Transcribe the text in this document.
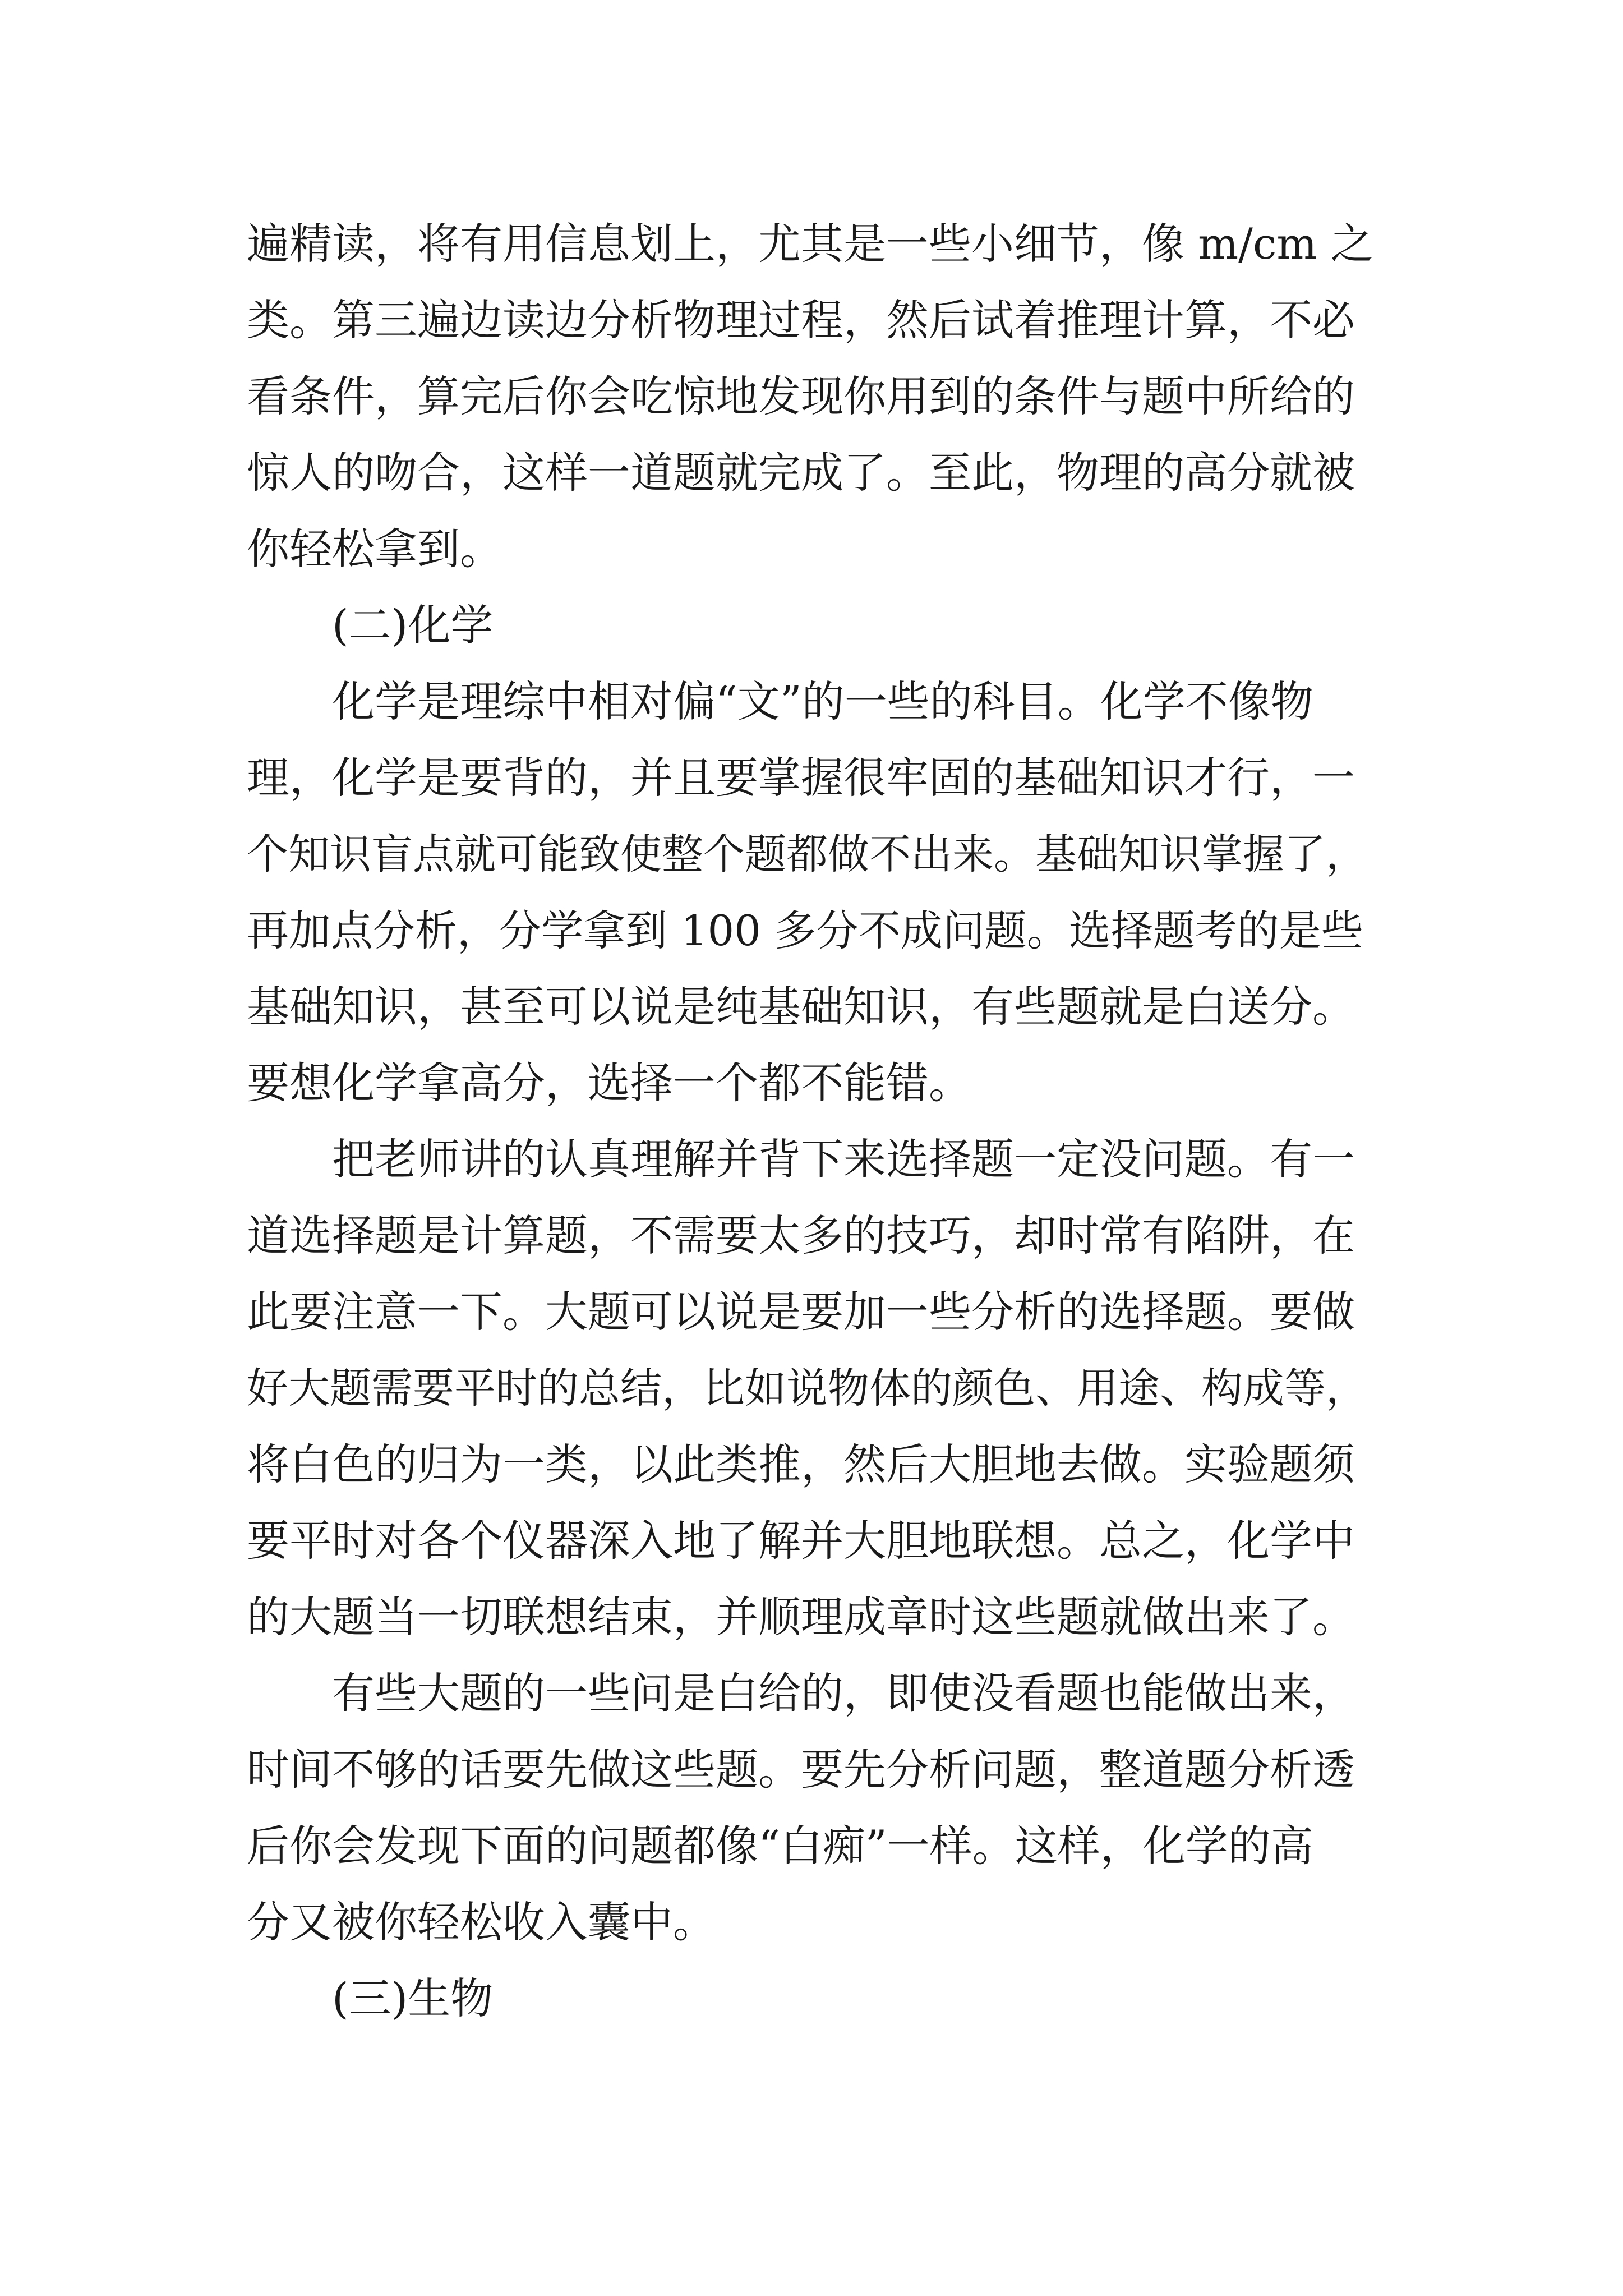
遍精读，将有用信息划上，尤其是一些小细节，像 m/cm 之
类。第三遍边读边分析物理过程，然后试着推理计算，不必
看条件，算完后你会吃惊地发现你用到的条件与题中所给的
惊人的吻合，这样一道题就完成了。至此，物理的高分就被
你轻松拿到。
(二)化学
化学是理综中相对偏“文”的一些的科目。化学不像物
理，化学是要背的，并且要掌握很牢固的基础知识才行，一
个知识盲点就可能致使整个题都做不出来。基础知识掌握了，
再加点分析，分学拿到 100 多分不成问题。选择题考的是些
基础知识，甚至可以说是纯基础知识，有些题就是白送分。
要想化学拿高分，选择一个都不能错。
把老师讲的认真理解并背下来选择题一定没问题。有一
道选择题是计算题，不需要太多的技巧，却时常有陷阱，在
此要注意一下。大题可以说是要加一些分析的选择题。要做
好大题需要平时的总结，比如说物体的颜色、用途、构成等，
将白色的归为一类，以此类推，然后大胆地去做。实验题须
要平时对各个仪器深入地了解并大胆地联想。总之，化学中
的大题当一切联想结束，并顺理成章时这些题就做出来了。
有些大题的一些问是白给的，即使没看题也能做出来，
时间不够的话要先做这些题。要先分析问题，整道题分析透
后你会发现下面的问题都像“白痴”一样。这样，化学的高
分又被你轻松收入囊中。
(三)生物
